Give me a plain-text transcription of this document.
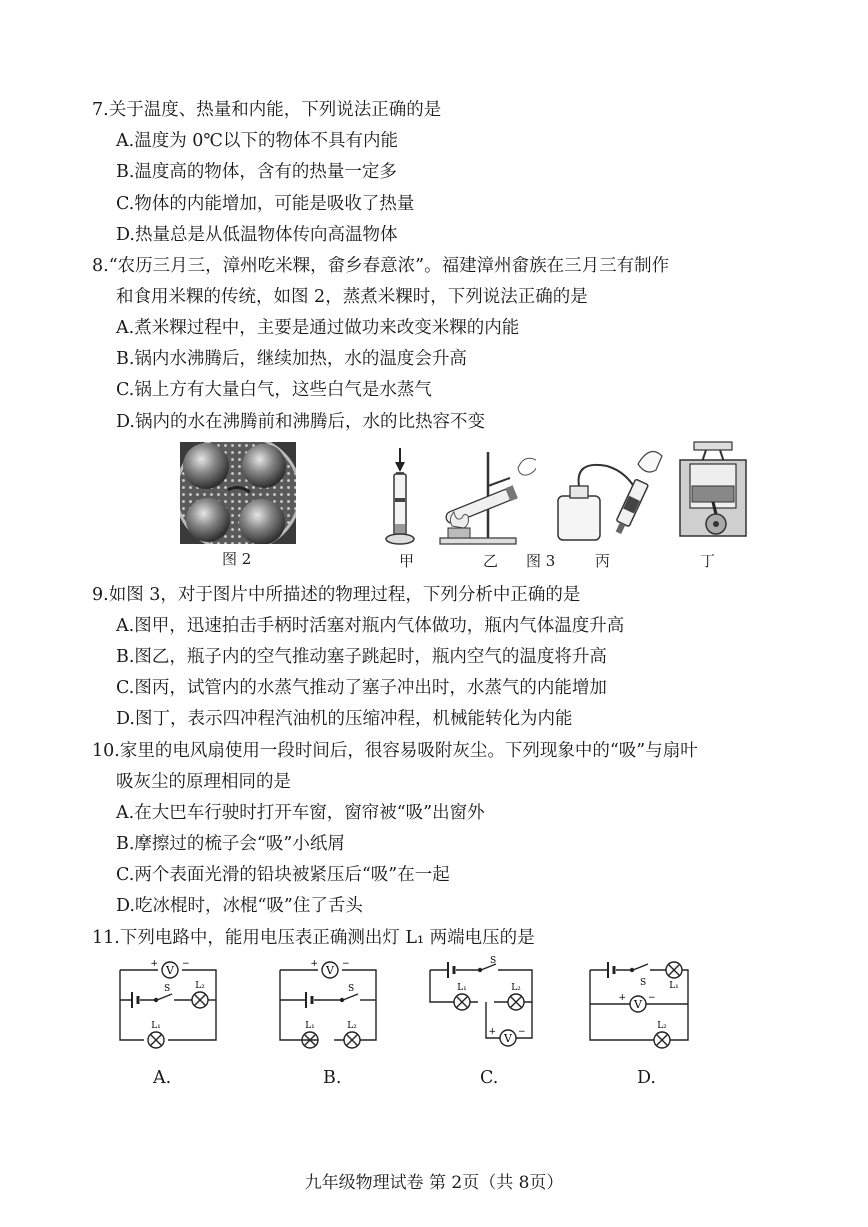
7.关于温度、热量和内能，下列说法正确的是
A.温度为 0℃以下的物体不具有内能
B.温度高的物体，含有的热量一定多
C.物体的内能增加，可能是吸收了热量
D.热量总是从低温物体传向高温物体
8.“农历三月三，漳州吃米粿，畲乡春意浓”。福建漳州畲族在三月三有制作
和食用米粿的传统，如图 2，蒸煮米粿时，下列说法正确的是
A.煮米粿过程中，主要是通过做功来改变米粿的内能
B.锅内水沸腾后，继续加热，水的温度会升高
C.锅上方有大量白气，这些白气是水蒸气
D.锅内的水在沸腾前和沸腾后，水的比热容不变
图 2	甲	乙 图 3	丙	丁
9.如图 3，对于图片中所描述的物理过程，下列分析中正确的是
A.图甲，迅速拍击手柄时活塞对瓶内气体做功，瓶内气体温度升高
B.图乙，瓶子内的空气推动塞子跳起时，瓶内空气的温度将升高
C.图丙，试管内的水蒸气推动了塞子冲出时，水蒸气的内能增加
D.图丁，表示四冲程汽油机的压缩冲程，机械能转化为内能
10.家里的电风扇使用一段时间后，很容易吸附灰尘。下列现象中的“吸”与扇叶
吸灰尘的原理相同的是
A.在大巴车行驶时打开车窗，窗帘被“吸”出窗外
B.摩擦过的梳子会“吸”小纸屑
C.两个表面光滑的铅块被紧压后“吸”在一起
D.吃冰棍时，冰棍“吸”住了舌头
11.下列电路中，能用电压表正确测出灯 L₁ 两端电压的是
V
+	−
S	L₂
L₁
A.
V
+	−
S
L₁	L₂
B.
V
+ −
S
L₁	L₂
C.
V
+ −
S	L₁
L₂
D.
九年级物理试卷 第 2页（共 8页）
